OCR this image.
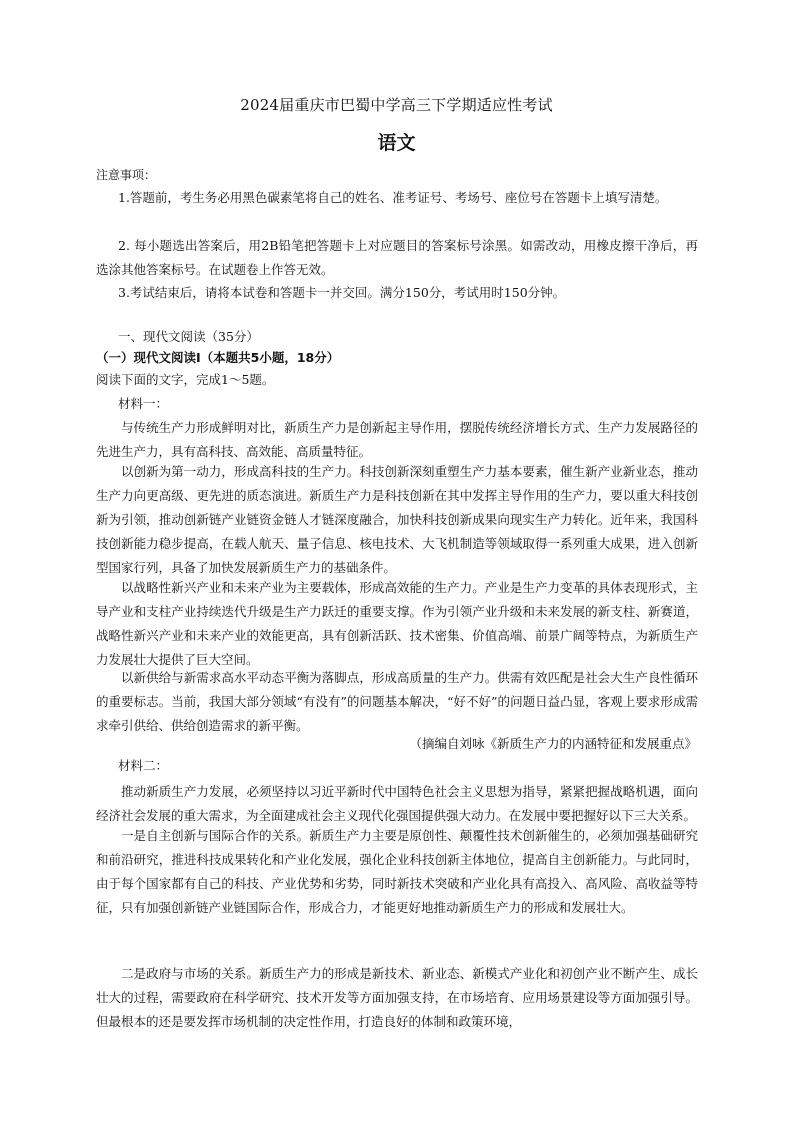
2024届重庆市巴蜀中学高三下学期适应性考试
语文
注意事项：
1.答题前，考生务必用黑色碳素笔将自己的姓名、准考证号、考场号、座位号在答题卡上填写清楚。
2. 每小题选出答案后，用2B铅笔把答题卡上对应题目的答案标号涂黑。如需改动，用橡皮擦干净后，再选涂其他答案标号。在试题卷上作答无效。
3.考试结束后，请将本试卷和答题卡一并交回。满分150分，考试用时150分钟。
一、现代文阅读（35分）
（一）现代文阅读Ⅰ（本题共5小题，18分）
阅读下面的文字，完成1～5题。
材料一：
与传统生产力形成鲜明对比，新质生产力是创新起主导作用，摆脱传统经济增长方式、生产力发展路径的先进生产力，具有高科技、高效能、高质量特征。
以创新为第一动力，形成高科技的生产力。科技创新深刻重塑生产力基本要素，催生新产业新业态，推动生产力向更高级、更先进的质态演进。新质生产力是科技创新在其中发挥主导作用的生产力，要以重大科技创新为引领，推动创新链产业链资金链人才链深度融合，加快科技创新成果向现实生产力转化。近年来，我国科技创新能力稳步提高，在载人航天、量子信息、核电技术、大飞机制造等领域取得一系列重大成果，进入创新型国家行列，具备了加快发展新质生产力的基础条件。
以战略性新兴产业和未来产业为主要载体，形成高效能的生产力。产业是生产力变革的具体表现形式，主导产业和支柱产业持续迭代升级是生产力跃迁的重要支撑。作为引领产业升级和未来发展的新支柱、新赛道，战略性新兴产业和未来产业的效能更高，具有创新活跃、技术密集、价值高端、前景广阔等特点，为新质生产力发展壮大提供了巨大空间。
以新供给与新需求高水平动态平衡为落脚点，形成高质量的生产力。供需有效匹配是社会大生产良性循环的重要标志。当前，我国大部分领域“有没有”的问题基本解决，“好不好”的问题日益凸显，客观上要求形成需求牵引供给、供给创造需求的新平衡。
（摘编自刘咏《新质生产力的内涵特征和发展重点》
材料二：
推动新质生产力发展，必须坚持以习近平新时代中国特色社会主义思想为指导，紧紧把握战略机遇，面向经济社会发展的重大需求，为全面建成社会主义现代化强国提供强大动力。在发展中要把握好以下三大关系。
一是自主创新与国际合作的关系。新质生产力主要是原创性、颠覆性技术创新催生的，必须加强基础研究和前沿研究，推进科技成果转化和产业化发展，强化企业科技创新主体地位，提高自主创新能力。与此同时，由于每个国家都有自己的科技、产业优势和劣势，同时新技术突破和产业化具有高投入、高风险、高收益等特征，只有加强创新链产业链国际合作，形成合力，才能更好地推动新质生产力的形成和发展壮大。
二是政府与市场的关系。新质生产力的形成是新技术、新业态、新模式产业化和初创产业不断产生、成长壮大的过程，需要政府在科学研究、技术开发等方面加强支持，在市场培育、应用场景建设等方面加强引导。但最根本的还是要发挥市场机制的决定性作用，打造良好的体制和政策环境，
